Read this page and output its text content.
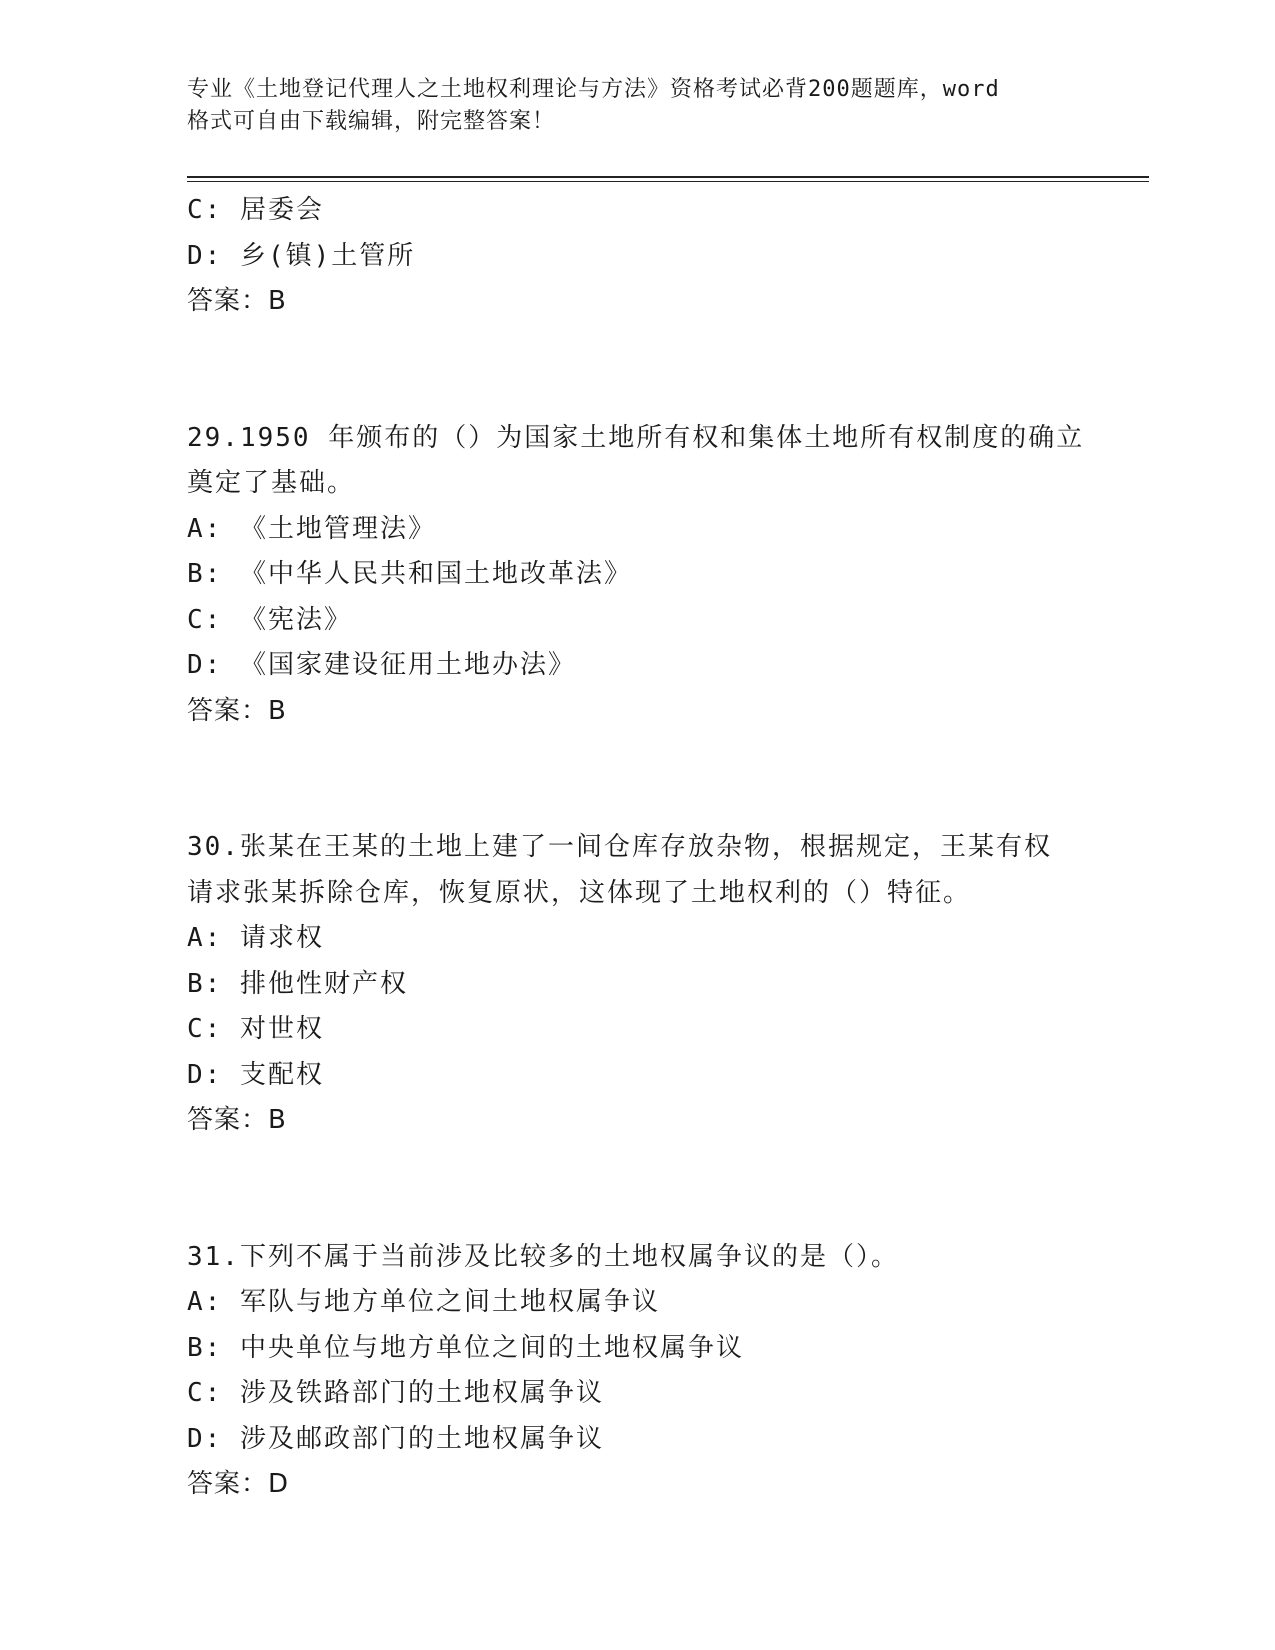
专业《土地登记代理人之土地权利理论与方法》资格考试必背200题题库，word
格式可自由下载编辑，附完整答案！
C: 居委会
D: 乡(镇)土管所
答案：B
29.1950 年颁布的（）为国家土地所有权和集体土地所有权制度的确立
奠定了基础。
A: 《土地管理法》
B: 《中华人民共和国土地改革法》
C: 《宪法》
D: 《国家建设征用土地办法》
答案：B
30.张某在王某的土地上建了一间仓库存放杂物，根据规定，王某有权
请求张某拆除仓库，恢复原状，这体现了土地权利的（）特征。
A: 请求权
B: 排他性财产权
C: 对世权
D: 支配权
答案：B
31.下列不属于当前涉及比较多的土地权属争议的是（）。
A: 军队与地方单位之间土地权属争议
B: 中央单位与地方单位之间的土地权属争议
C: 涉及铁路部门的土地权属争议
D: 涉及邮政部门的土地权属争议
答案：D
